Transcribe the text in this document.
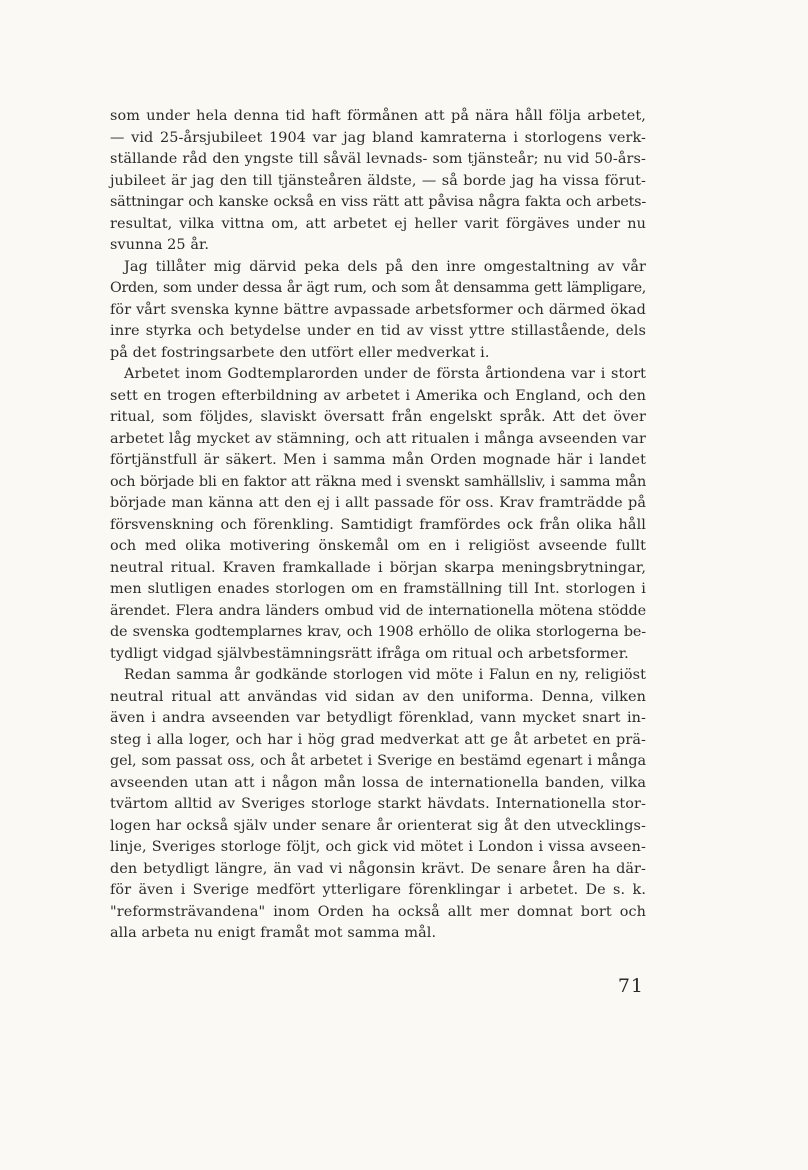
som under hela denna tid haft förmånen att på nära håll följa arbetet,
— vid 25-årsjubileet 1904 var jag bland kamraterna i storlogens verk-
ställande råd den yngste till såväl levnads- som tjänsteår; nu vid 50-års-
jubileet är jag den till tjänsteåren äldste, — så borde jag ha vissa förut-
sättningar och kanske också en viss rätt att påvisa några fakta och arbets-
resultat, vilka vittna om, att arbetet ej heller varit förgäves under nu
svunna 25 år.
Jag tillåter mig därvid peka dels på den inre omgestaltning av vår
Orden, som under dessa år ägt rum, och som åt densamma gett lämpligare,
för vårt svenska kynne bättre avpassade arbetsformer och därmed ökad
inre styrka och betydelse under en tid av visst yttre stillastående, dels
på det fostringsarbete den utfört eller medverkat i.
Arbetet inom Godtemplarorden under de första årtiondena var i stort
sett en trogen efterbildning av arbetet i Amerika och England, och den
ritual, som följdes, slaviskt översatt från engelskt språk. Att det över
arbetet låg mycket av stämning, och att ritualen i många avseenden var
förtjänstfull är säkert. Men i samma mån Orden mognade här i landet
och började bli en faktor att räkna med i svenskt samhällsliv, i samma mån
började man känna att den ej i allt passade för oss. Krav framträdde på
försvenskning och förenkling. Samtidigt framfördes ock från olika håll
och med olika motivering önskemål om en i religiöst avseende fullt
neutral ritual. Kraven framkallade i början skarpa meningsbrytningar,
men slutligen enades storlogen om en framställning till Int. storlogen i
ärendet. Flera andra länders ombud vid de internationella mötena stödde
de svenska godtemplarnes krav, och 1908 erhöllo de olika storlogerna be-
tydligt vidgad självbestämningsrätt ifråga om ritual och arbetsformer.
Redan samma år godkände storlogen vid möte i Falun en ny, religiöst
neutral ritual att användas vid sidan av den uniforma. Denna, vilken
även i andra avseenden var betydligt förenklad, vann mycket snart in-
steg i alla loger, och har i hög grad medverkat att ge åt arbetet en prä-
gel, som passat oss, och åt arbetet i Sverige en bestämd egenart i många
avseenden utan att i någon mån lossa de internationella banden, vilka
tvärtom alltid av Sveriges storloge starkt hävdats. Internationella stor-
logen har också själv under senare år orienterat sig åt den utvecklings-
linje, Sveriges storloge följt, och gick vid mötet i London i vissa avseen-
den betydligt längre, än vad vi någonsin krävt. De senare åren ha där-
för även i Sverige medfört ytterligare förenklingar i arbetet. De s. k.
"reformsträvandena" inom Orden ha också allt mer domnat bort och
alla arbeta nu enigt framåt mot samma mål.
71
